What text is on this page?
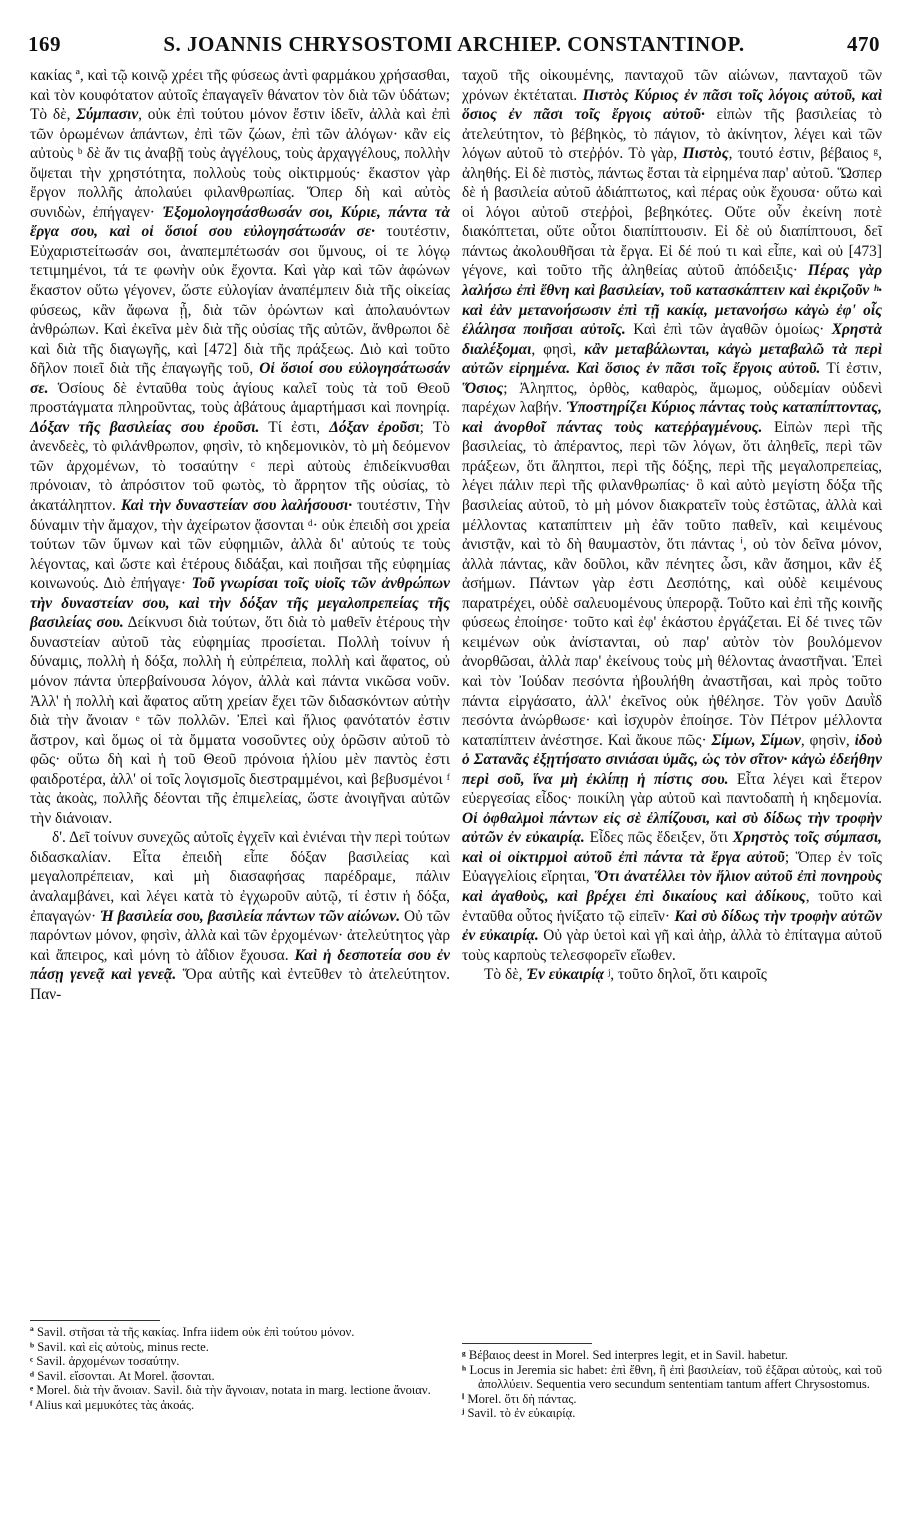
169	S. JOANNIS CHRYSOSTOMI ARCHIEP. CONSTANTINOP.	470

κακίας ª, καὶ τῷ κοινῷ χρέει τῆς φύσεως ἀντὶ φαρμάκου χρήσασθαι, καὶ τὸν κουφότατον αὐτοῖς ἐπαγαγεῖν θάνατον τὸν διὰ τῶν ὑδάτων; Τὸ δὲ, Σύμπασιν, οὐκ ἐπὶ τούτου μόνον ἔστιν ἰδεῖν, ἀλλὰ καὶ ἐπὶ τῶν ὁρωμένων ἁπάντων, ἐπὶ τῶν ζώων, ἐπὶ τῶν ἀλόγων· κἂν εἰς αὐτοὺς ᵇ δὲ ἄν τις ἀναβῇ τοὺς ἀγγέλους, τοὺς ἀρχαγγέλους, πολλὴν ὄψεται τὴν χρηστότητα, πολλοὺς τοὺς οἰκτιρμούς· ἕκαστον γὰρ ἔργον πολλῆς ἀπολαύει φιλανθρωπίας. Ὅπερ δὴ καὶ αὐτὸς συνιδὼν, ἐπήγαγεν· Ἐξομολογησάσθωσάν σοι, Κύριε, πάντα τὰ ἔργα σου, καὶ οἱ ὅσιοί σου εὐλογησάτωσάν σε· τουτέστιν, Εὐχαριστείτωσάν σοι, ἀναπεμπέτωσάν σοι ὕμνους, οἱ τε λόγῳ τετιμημένοι, τά τε φωνὴν οὐκ ἔχοντα. Καὶ γὰρ καὶ τῶν ἀφώνων ἕκαστον οὕτω γέγονεν, ὥστε εὐλογίαν ἀναπέμπειν διὰ τῆς οἰκείας φύσεως, κἂν ἄφωνα ᾖ, διὰ τῶν ὁρώντων καὶ ἀπολαυόντων ἀνθρώπων. Καὶ ἐκεῖνα μὲν διὰ τῆς οὐσίας τῆς αὐτῶν, ἄνθρωποι δὲ καὶ διὰ τῆς διαγωγῆς, καὶ [472] διὰ τῆς πράξεως. Διὸ καὶ τοῦτο δῆλον ποιεῖ διὰ τῆς ἐπαγωγῆς τοῦ, Οἱ ὅσιοί σου εὐλογησάτωσάν σε. Ὁσίους δὲ ἐνταῦθα τοὺς ἁγίους καλεῖ τοὺς τὰ τοῦ Θεοῦ προστάγματα πληροῦντας, τοὺς ἀβάτους ἁμαρτήμασι καὶ πονηρίᾳ. Δόξαν τῆς βασιλείας σου ἐροῦσι. Τί ἐστι, Δόξαν ἐροῦσι; Τὸ ἀνενδεὲς, τὸ φιλάνθρωπον, φησὶν, τὸ κηδεμονικὸν, τὸ μὴ δεόμενον τῶν ἀρχομένων, τὸ τοσαύτην ᶜ περὶ αὐτοὺς ἐπιδείκνυσθαι πρόνοιαν, τὸ ἀπρόσιτον τοῦ φωτὸς, τὸ ἄρρητον τῆς οὐσίας, τὸ ἀκατάληπτον. Καὶ τὴν δυναστείαν σου λαλήσουσι· τουτέστιν, Τὴν δύναμιν τὴν ἄμαχον, τὴν ἀχείρωτον ᾄσονται ᵈ· οὐκ ἐπειδὴ σοι χρεία τούτων τῶν ὕμνων καὶ τῶν εὐφημιῶν, ἀλλὰ δι' αὐτούς τε τοὺς λέγοντας, καὶ ὥστε καὶ ἑτέρους διδάξαι, καὶ ποιῆσαι τῆς εὐφημίας κοινωνούς. Διὸ ἐπήγαγε· Τοῦ γνωρίσαι τοῖς υἱοῖς τῶν ἀνθρώπων τὴν δυναστείαν σου, καὶ τὴν δόξαν τῆς μεγαλοπρεπείας τῆς βασιλείας σου. Δείκνυσι διὰ τούτων, ὅτι διὰ τὸ μαθεῖν ἑτέρους τὴν δυναστείαν αὐτοῦ τὰς εὐφημίας προσίεται. Πολλὴ τοίνυν ἡ δύναμις, πολλὴ ἡ δόξα, πολλὴ ἡ εὐπρέπεια, πολλὴ καὶ ἄφατος, οὐ μόνον πάντα ὑπερβαίνουσα λόγον, ἀλλὰ καὶ πάντα νικῶσα νοῦν. Ἀλλ' ἡ πολλὴ καὶ ἄφατος αὕτη χρείαν ἔχει τῶν διδασκόντων αὐτὴν διὰ τὴν ἄνοιαν ᵉ τῶν πολλῶν. Ἐπεὶ καὶ ἥλιος φανότατόν ἐστιν ἄστρον, καὶ ὅμως οἱ τὰ ὄμματα νοσοῦντες οὐχ ὁρῶσιν αὐτοῦ τὸ φῶς· οὕτω δὴ καὶ ἡ τοῦ Θεοῦ πρόνοια ἡλίου μὲν παντὸς ἐστι φαιδροτέρα, ἀλλ' οἱ τοῖς λογισμοῖς διεστραμμένοι, καὶ βεβυσμένοι ᶠ τὰς ἀκοὰς, πολλῆς δέονται τῆς ἐπιμελείας, ὥστε ἀνοιγῆναι αὐτῶν τὴν διάνοιαν.

δ'. Δεῖ τοίνυν συνεχῶς αὐτοῖς ἐγχεῖν καὶ ἐνιέναι τὴν περὶ τούτων διδασκαλίαν. Εἶτα ἐπειδὴ εἶπε δόξαν βασιλείας καὶ μεγαλοπρέπειαν, καὶ μὴ διασαφήσας παρέδραμε, πάλιν ἀναλαμβάνει, καὶ λέγει κατὰ τὸ ἐγχωροῦν αὐτῷ, τί ἐστιν ἡ δόξα, ἐπαγαγών· Ἡ βασιλεία σου, βασιλεία πάντων τῶν αἰώνων. Οὐ τῶν παρόντων μόνον, φησὶν, ἀλλὰ καὶ τῶν ἐρχομένων· ἀτελεύτητος γὰρ καὶ ἄπειρος, καὶ μόνη τὸ ἀΐδιον ἔχουσα. Καὶ ἡ δεσποτεία σου ἐν πάσῃ γενεᾷ καὶ γενεᾷ. Ὅρα αὐτῆς καὶ ἐντεῦθεν τὸ ἀτελεύτητον. Παν-

ταχοῦ τῆς οἰκουμένης, πανταχοῦ τῶν αἰώνων, πανταχοῦ τῶν χρόνων ἐκτέταται. Πιστὸς Κύριος ἐν πᾶσι τοῖς λόγοις αὐτοῦ, καὶ ὅσιος ἐν πᾶσι τοῖς ἔργοις αὐτοῦ· εἰπὼν τῆς βασιλείας τὸ ἀτελεύτητον, τὸ βέβηκὸς, τὸ πάγιον, τὸ ἀκίνητον, λέγει καὶ τῶν λόγων αὐτοῦ τὸ στεῤῥόν. Τὸ γὰρ, Πιστὸς, τουτό ἐστιν, βέβαιος ᵍ, ἀληθής. Εἰ δὲ πιστὸς, πάντως ἔσται τὰ εἰρημένα παρ' αὐτοῦ. Ὥσπερ δὲ ἡ βασιλεία αὐτοῦ ἀδιάπτωτος, καὶ πέρας οὐκ ἔχουσα· οὕτω καὶ οἱ λόγοι αὐτοῦ στεῤῥοὶ, βεβηκότες. Οὔτε οὖν ἐκείνη ποτὲ διακόπτεται, οὔτε οὗτοι διαπίπτουσιν. Εἰ δὲ οὐ διαπίπτουσι, δεῖ πάντως ἀκολουθῆσαι τὰ ἔργα. Εἰ δέ πού τι καὶ εἶπε, καὶ οὐ [473] γέγονε, καὶ τοῦτο τῆς ἀληθείας αὐτοῦ ἀπόδειξις· Πέρας γὰρ λαλήσω ἐπὶ ἔθνη καὶ βασιλείαν, τοῦ κατασκάπτειν καὶ ἐκριζοῦν ʰ· καὶ ἐὰν μετανοήσωσιν ἐπὶ τῇ κακίᾳ, μετανοήσω κἀγὼ ἐφ' οἷς ἐλάλησα ποιῆσαι αὐτοῖς. Καὶ ἐπὶ τῶν ἀγαθῶν ὁμοίως· Χρηστὰ διαλέξομαι, φησὶ, κἂν μεταβάλωνται, κἀγὼ μεταβαλῶ τὰ περὶ αὐτῶν εἰρημένα. Καὶ ὅσιος ἐν πᾶσι τοῖς ἔργοις αὐτοῦ. Τί ἐστιν, Ὅσιος; Ἀληπτος, ὀρθὸς, καθαρὸς, ἄμωμος, οὐδεμίαν οὐδενὶ παρέχων λαβήν. Ὑποστηρίζει Κύριος πάντας τοὺς καταπίπτοντας, καὶ ἀνορθοῖ πάντας τοὺς κατεῤῥαγμένους. Εἰπὼν περὶ τῆς βασιλείας, τὸ ἀπέραντος, περὶ τῶν λόγων, ὅτι ἀληθεῖς, περὶ τῶν πράξεων, ὅτι ἄληπτοι, περὶ τῆς δόξης, περὶ τῆς μεγαλοπρεπείας, λέγει πάλιν περὶ τῆς φιλανθρωπίας· ὃ καὶ αὐτὸ μεγίστη δόξα τῆς βασιλείας αὐτοῦ, τὸ μὴ μόνον διακρατεῖν τοὺς ἑστῶτας, ἀλλὰ καὶ μέλλοντας καταπίπτειν μὴ ἐᾶν τοῦτο παθεῖν, καὶ κειμένους ἀνιστᾷν, καὶ τὸ δὴ θαυμαστὸν, ὅτι πάντας ⁱ, οὐ τὸν δεῖνα μόνον, ἀλλὰ πάντας, κἂν δοῦλοι, κἂν πένητες ὦσι, κἂν ἄσημοι, κἂν ἐξ ἀσήμων. Πάντων γὰρ ἐστι Δεσπότης, καὶ οὐδὲ κειμένους παρατρέχει, οὐδὲ σαλευομένους ὑπερορᾷ. Τοῦτο καὶ ἐπὶ τῆς κοινῆς φύσεως ἐποίησε· τοῦτο καὶ ἐφ' ἑκάστου ἐργάζεται. Εἰ δέ τινες τῶν κειμένων οὐκ ἀνίστανται, οὐ παρ' αὐτὸν τὸν βουλόμενον ἀνορθῶσαι, ἀλλὰ παρ' ἐκείνους τοὺς μὴ θέλοντας ἀναστῆναι. Ἐπεὶ καὶ τὸν Ἰούδαν πεσόντα ἠβουλήθη ἀναστῆσαι, καὶ πρὸς τοῦτο πάντα εἰργάσατο, ἀλλ' ἐκεῖνος οὐκ ἠθέλησε. Τὸν γοῦν Δαυῒδ πεσόντα ἀνώρθωσε· καὶ ἰσχυρὸν ἐποίησε. Τὸν Πέτρον μέλλοντα καταπίπτειν ἀνέστησε. Καὶ ἄκουε πῶς· Σίμων, Σίμων, φησὶν, ἰδοὺ ὁ Σατανᾶς ἐξῃτήσατο σινιάσαι ὑμᾶς, ὡς τὸν σῖτον· κἀγὼ ἐδεήθην περὶ σοῦ, ἵνα μὴ ἐκλίπῃ ἡ πίστις σου. Εἶτα λέγει καὶ ἕτερον εὐεργεσίας εἶδος· ποικίλη γὰρ αὐτοῦ καὶ παντοδαπὴ ἡ κηδεμονία. Οἱ ὀφθαλμοὶ πάντων εἰς σὲ ἐλπίζουσι, καὶ σὺ δίδως τὴν τροφὴν αὐτῶν ἐν εὐκαιρίᾳ. Εἶδες πῶς ἔδειξεν, ὅτι Χρηστὸς τοῖς σύμπασι, καὶ οἱ οἰκτιρμοὶ αὐτοῦ ἐπὶ πάντα τὰ ἔργα αὐτοῦ; Ὅπερ ἐν τοῖς Εὐαγγελίοις εἴρηται, Ὅτι ἀνατέλλει τὸν ἥλιον αὐτοῦ ἐπὶ πονηροὺς καὶ ἀγαθοὺς, καὶ βρέχει ἐπὶ δικαίους καὶ ἀδίκους, τοῦτο καὶ ἐνταῦθα οὗτος ἠνίξατο τῷ εἰπεῖν· Καὶ σὺ δίδως τὴν τροφὴν αὐτῶν ἐν εὐκαιρίᾳ. Οὐ γὰρ ὑετοὶ καὶ γῆ καὶ ἀὴρ, ἀλλὰ τὸ ἐπίταγμα αὐτοῦ τοὺς καρποὺς τελεσφορεῖν εἴωθεν.

Τὸ δὲ, Ἐν εὐκαιρίᾳ ʲ, τοῦτο δηλοῖ, ὅτι καιροῖς

ª Savil. στῆσαι τὰ τῆς κακίας. Infra iidem οὐκ ἐπὶ τούτου μόνον.

ᵇ Savil. καὶ εἰς αὐτοὺς, minus recte.

ᶜ Savil. ἀρχομένων τοσαύτην.

ᵈ Savil. εἴσονται. At Morel. ᾄσονται.

ᵉ Morel. διὰ τὴν ἄνοιαν. Savil. διὰ τὴν ἄγνοιαν, notata in marg. lectione ἄνοιαν.

ᶠ Alius καὶ μεμυκότες τὰς ἀκοάς.

ᵍ Βέβαιος deest in Morel. Sed interpres legit, et in Savil. habetur.

ʰ Locus in Jeremia sic habet: ἐπὶ ἔθνη, ἢ ἐπὶ βασιλείαν, τοῦ ἐξᾶραι αὐτοὺς, καὶ τοῦ ἀπολλύειν. Sequentia vero secundum sententiam tantum affert Chrysostomus.

ⁱ Morel. ὅτι δὴ πάντας.

ʲ Savil. τὸ ἐν εὐκαιρίᾳ.
